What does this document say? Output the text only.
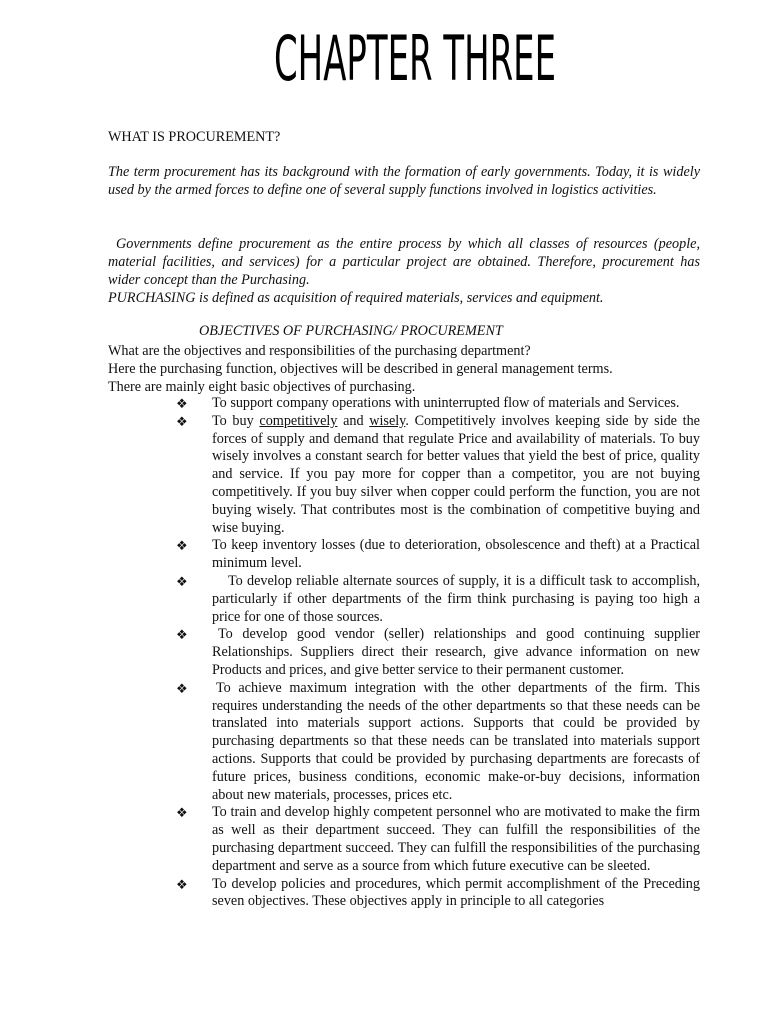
CHAPTER THREE
WHAT IS PROCUREMENT?
The term procurement has its background with the formation of early governments. Today, it is widely used by the armed forces to define one of several supply functions involved in logistics activities.
Governments define procurement as the entire process by which all classes of resources (people, material facilities, and services) for a particular project are obtained. Therefore, procurement has wider concept than the Purchasing.
PURCHASING is defined as acquisition of required materials, services and equipment.
OBJECTIVES OF PURCHASING/ PROCUREMENT
What are the objectives and responsibilities of the purchasing department?
Here the purchasing function, objectives will be described in general management terms.
There are mainly eight basic objectives of purchasing.
❖	To support company operations with uninterrupted flow of materials and Services.
❖	To buy competitively and wisely. Competitively involves keeping side by side the forces of supply and demand that regulate Price and availability of materials. To buy wisely involves a constant search for better values that yield the best of price, quality and service. If you pay more for copper than a competitor, you are not buying competitively. If you buy silver when copper could perform the function, you are not buying wisely. That contributes most is the combination of competitive buying and wise buying.
❖	To keep inventory losses (due to deterioration, obsolescence and theft) at a Practical minimum level.
❖	To develop reliable alternate sources of supply, it is a difficult task to accomplish, particularly if other departments of the firm think purchasing is paying too high a price for one of those sources.
❖	To develop good vendor (seller) relationships and good continuing supplier Relationships. Suppliers direct their research, give advance information on new Products and prices, and give better service to their permanent customer.
❖	To achieve maximum integration with the other departments of the firm. This requires understanding the needs of the other departments so that these needs can be translated into materials support actions. Supports that could be provided by purchasing departments so that these needs can be translated into materials support actions. Supports that could be provided by purchasing departments are forecasts of future prices, business conditions, economic make-or-buy decisions, information about new materials, processes, prices etc.
❖	To train and develop highly competent personnel who are motivated to make the firm as well as their department succeed. They can fulfill the responsibilities of the purchasing department succeed. They can fulfill the responsibilities of the purchasing department and serve as a source from which future executive can be sleeted.
❖	To develop policies and procedures, which permit accomplishment of the Preceding seven objectives. These objectives apply in principle to all categories
